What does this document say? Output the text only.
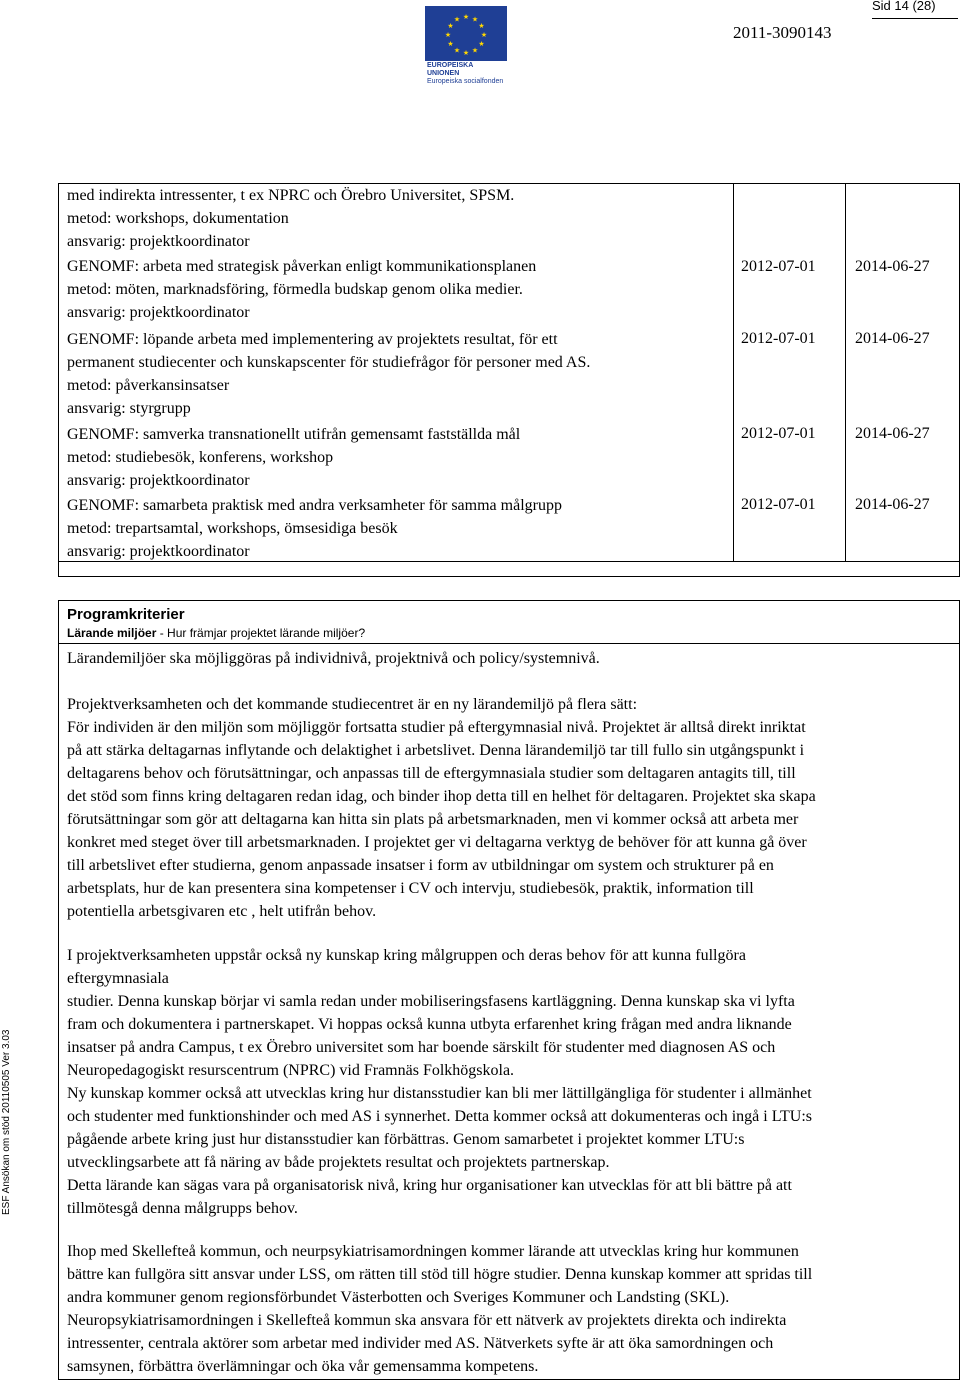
Sid 14 (28)
★ ★
★
★
★
★
★
★
★
★
★
★
EUROPEISKA UNIONEN
Europeiska socialfonden
2011-3090143
med indirekta intressenter, t ex NPRC och Örebro Universitet, SPSM.
metod: workshops, dokumentation
ansvarig: projektkoordinator
GENOMF: arbeta med strategisk påverkan enligt kommunikationsplanen
metod: möten, marknadsföring, förmedla budskap genom olika medier.
ansvarig: projektkoordinator
2012-07-01 2014-06-27
GENOMF: löpande arbeta med implementering av projektets resultat, för ett
permanent studiecenter och kunskapscenter för studiefrågor för personer med AS.
metod: påverkansinsatser
ansvarig: styrgrupp
2012-07-01 2014-06-27
GENOMF: samverka transnationellt utifrån gemensamt fastställda mål
metod: studiebesök, konferens, workshop
ansvarig: projektkoordinator
2012-07-01 2014-06-27
GENOMF: samarbeta praktisk med andra verksamheter för samma målgrupp
metod: trepartsamtal, workshops, ömsesidiga besök
ansvarig: projektkoordinator
2012-07-01 2014-06-27
Programkriterier
Lärande miljöer - Hur främjar projektet lärande miljöer?
Lärandemiljöer ska möjliggöras på individnivå, projektnivå och policy/systemnivå.
Projektverksamheten och det kommande studiecentret är en ny lärandemiljö på flera sätt:
För individen är den miljön som möjliggör fortsatta studier på eftergymnasial nivå. Projektet är alltså direkt inriktat
på att stärka deltagarnas inflytande och delaktighet i arbetslivet. Denna lärandemiljö tar till fullo sin utgångspunkt i
deltagarens behov och förutsättningar, och anpassas till de eftergymnasiala studier som deltagaren antagits till, till
det stöd som finns kring deltagaren redan idag, och binder ihop detta till en helhet för deltagaren. Projektet ska skapa
förutsättningar som gör att deltagarna kan hitta sin plats på arbetsmarknaden, men vi kommer också att arbeta mer
konkret med steget över till arbetsmarknaden. I projektet ger vi deltagarna verktyg de behöver för att kunna gå över
till arbetslivet efter studierna, genom anpassade insatser i form av utbildningar om system och strukturer på en
arbetsplats, hur de kan presentera sina kompetenser i CV och intervju, studiebesök, praktik, information till
potentiella arbetsgivaren etc , helt utifrån behov.
I projektverksamheten uppstår också ny kunskap kring målgruppen och deras behov för att kunna fullgöra
eftergymnasiala
studier. Denna kunskap börjar vi samla redan under mobiliseringsfasens kartläggning. Denna kunskap ska vi lyfta
fram och dokumentera i partnerskapet. Vi hoppas också kunna utbyta erfarenhet kring frågan med andra liknande
insatser på andra Campus, t ex Örebro universitet som har boende särskilt för studenter med diagnosen AS och
Neuropedagogiskt resurscentrum (NPRC) vid Framnäs Folkhögskola.
Ny kunskap kommer också att utvecklas kring hur distansstudier kan bli mer lättillgängliga för studenter i allmänhet
och studenter med funktionshinder och med AS i synnerhet. Detta kommer också att dokumenteras och ingå i LTU:s
pågående arbete kring just hur distansstudier kan förbättras. Genom samarbetet i projektet kommer LTU:s
utvecklingsarbete att få näring av både projektets resultat och projektets partnerskap.
Detta lärande kan sägas vara på organisatorisk nivå, kring hur organisationer kan utvecklas för att bli bättre på att
tillmötesgå denna målgrupps behov.
Ihop med Skellefteå kommun, och neurpsykiatrisamordningen kommer lärande att utvecklas kring hur kommunen
bättre kan fullgöra sitt ansvar under LSS, om rätten till stöd till högre studier. Denna kunskap kommer att spridas till
andra kommuner genom regionsförbundet Västerbotten och Sveriges Kommuner och Landsting (SKL).
Neuropsykiatrisamordningen i Skellefteå kommun ska ansvara för ett nätverk av projektets direkta och indirekta
intressenter, centrala aktörer som arbetar med individer med AS. Nätverkets syfte är att öka samordningen och
samsynen, förbättra överlämningar och öka vår gemensamma kompetens.
ESF Ansökan om stöd 20110505 Ver 3.03
